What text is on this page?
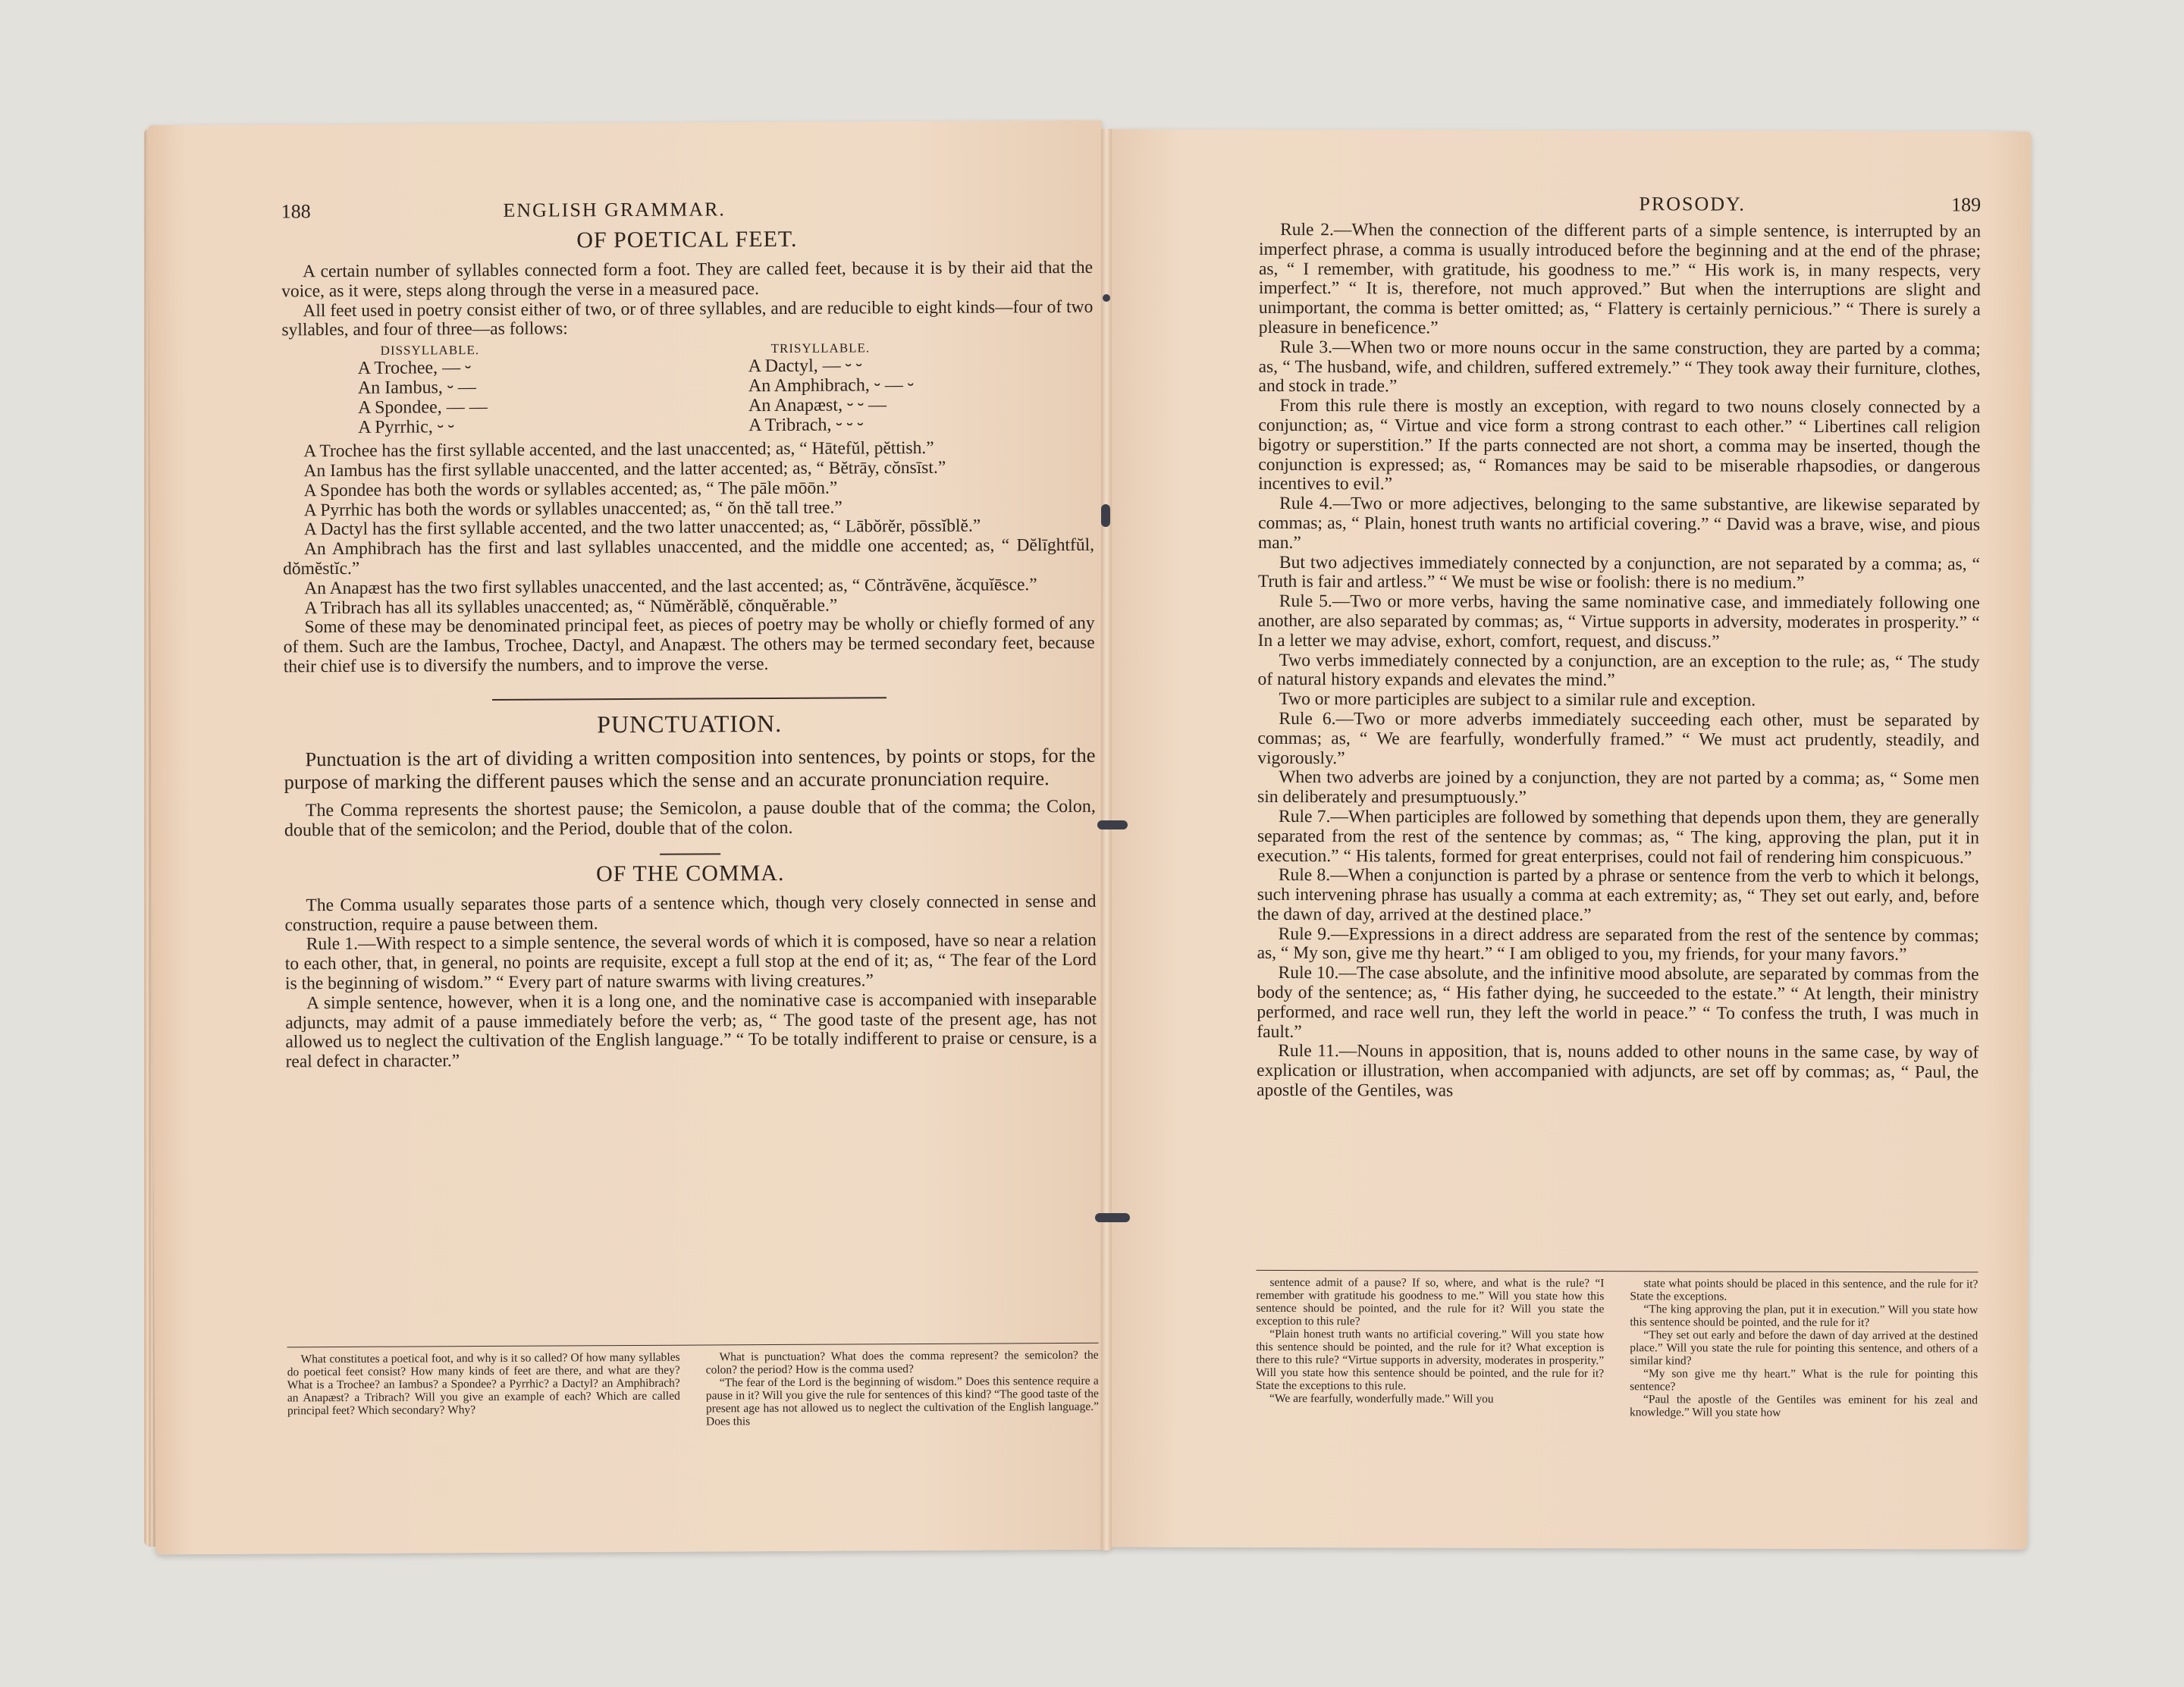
188	ENGLISH GRAMMAR.
OF POETICAL FEET.

A certain number of syllables connected form a foot. They are called feet, because it is by their aid that the voice, as it were, steps along through the verse in a measured pace.

All feet used in poetry consist either of two, or of three syllables, and are reducible to eight kinds—four of two syllables, and four of three—as follows:

DISSYLLABLE.
A Trochee, — ⏑
An Iambus, ⏑ —
A Spondee, — —
A Pyrrhic, ⏑ ⏑
TRISYLLABLE.
A Dactyl, — ⏑ ⏑
An Amphibrach, ⏑ — ⏑
An Anapæst, ⏑ ⏑ —
A Tribrach, ⏑ ⏑ ⏑

A Trochee has the first syllable accented, and the last unaccented; as, “ Hātefŭl, pĕttish.”

An Iambus has the first syllable unaccented, and the latter accented; as, “ Bĕtrāy, cŏnsīst.”

A Spondee has both the words or syllables accented; as, “ The pāle mōōn.”

A Pyrrhic has both the words or syllables unaccented; as, “ ŏn thĕ tall tree.”

A Dactyl has the first syllable accented, and the two latter unaccented; as, “ Lābŏrĕr, pōssĭblĕ.”

An Amphibrach has the first and last syllables unaccented, and the middle one accented; as, “ Dĕlīghtfŭl, dŏmĕstĭc.”

An Anapæst has the two first syllables unaccented, and the last accented; as, “ Cŏntrăvēne, ăcquĭēsce.”

A Tribrach has all its syllables unaccented; as, “ Nŭmĕrăblĕ, cŏnquĕrable.”

Some of these may be denominated principal feet, as pieces of poetry may be wholly or chiefly formed of any of them. Such are the Iambus, Trochee, Dactyl, and Anapæst. The others may be termed secondary feet, because their chief use is to diversify the numbers, and to improve the verse.

PUNCTUATION.

Punctuation is the art of dividing a written composition into sentences, by points or stops, for the purpose of marking the different pauses which the sense and an accurate pronunciation require.

The Comma represents the shortest pause; the Semicolon, a pause double that of the comma; the Colon, double that of the semicolon; and the Period, double that of the colon.

OF THE COMMA.

The Comma usually separates those parts of a sentence which, though very closely connected in sense and construction, require a pause between them.

Rule 1.—With respect to a simple sentence, the several words of which it is composed, have so near a relation to each other, that, in general, no points are requisite, except a full stop at the end of it; as, “ The fear of the Lord is the beginning of wisdom.” “ Every part of nature swarms with living creatures.”

A simple sentence, however, when it is a long one, and the nominative case is accompanied with inseparable adjuncts, may admit of a pause immediately before the verb; as, “ The good taste of the present age, has not allowed us to neglect the cultivation of the English language.” “ To be totally indifferent to praise or censure, is a real defect in character.”

What constitutes a poetical foot, and why is it so called? Of how many syllables do poetical feet consist? How many kinds of feet are there, and what are they? What is a Trochee? an Iambus? a Spondee? a Pyrrhic? a Dactyl? an Amphibrach? an Anapæst? a Tribrach? Will you give an example of each? Which are called principal feet? Which secondary? Why?

What is punctuation? What does the comma represent? the semicolon? the colon? the period? How is the comma used?

“The fear of the Lord is the beginning of wisdom.” Does this sentence require a pause in it? Will you give the rule for sentences of this kind? “The good taste of the present age has not allowed us to neglect the cultivation of the English language.” Does this

PROSODY.	189

Rule 2.—When the connection of the different parts of a simple sentence, is interrupted by an imperfect phrase, a comma is usually introduced before the beginning and at the end of the phrase; as, “ I remember, with gratitude, his goodness to me.” “ His work is, in many respects, very imperfect.” “ It is, therefore, not much approved.” But when the interruptions are slight and unimportant, the comma is better omitted; as, “ Flattery is certainly pernicious.” “ There is surely a pleasure in beneficence.”

Rule 3.—When two or more nouns occur in the same construction, they are parted by a comma; as, “ The husband, wife, and children, suffered extremely.” “ They took away their furniture, clothes, and stock in trade.”

From this rule there is mostly an exception, with regard to two nouns closely connected by a conjunction; as, “ Virtue and vice form a strong contrast to each other.” “ Libertines call religion bigotry or superstition.” If the parts connected are not short, a comma may be inserted, though the conjunction is expressed; as, “ Romances may be said to be miserable rhapsodies, or dangerous incentives to evil.”

Rule 4.—Two or more adjectives, belonging to the same substantive, are likewise separated by commas; as, “ Plain, honest truth wants no artificial covering.” “ David was a brave, wise, and pious man.”

But two adjectives immediately connected by a conjunction, are not separated by a comma; as, “ Truth is fair and artless.” “ We must be wise or foolish: there is no medium.”

Rule 5.—Two or more verbs, having the same nominative case, and immediately following one another, are also separated by commas; as, “ Virtue supports in adversity, moderates in prosperity.” “ In a letter we may advise, exhort, comfort, request, and discuss.”

Two verbs immediately connected by a conjunction, are an exception to the rule; as, “ The study of natural history expands and elevates the mind.”

Two or more participles are subject to a similar rule and exception.

Rule 6.—Two or more adverbs immediately succeeding each other, must be separated by commas; as, “ We are fearfully, wonderfully framed.” “ We must act prudently, steadily, and vigorously.”

When two adverbs are joined by a conjunction, they are not parted by a comma; as, “ Some men sin deliberately and presumptuously.”

Rule 7.—When participles are followed by something that depends upon them, they are generally separated from the rest of the sentence by commas; as, “ The king, approving the plan, put it in execution.” “ His talents, formed for great enterprises, could not fail of rendering him conspicuous.”

Rule 8.—When a conjunction is parted by a phrase or sentence from the verb to which it belongs, such intervening phrase has usually a comma at each extremity; as, “ They set out early, and, before the dawn of day, arrived at the destined place.”

Rule 9.—Expressions in a direct address are separated from the rest of the sentence by commas; as, “ My son, give me thy heart.” “ I am obliged to you, my friends, for your many favors.”

Rule 10.—The case absolute, and the infinitive mood absolute, are separated by commas from the body of the sentence; as, “ His father dying, he succeeded to the estate.” “ At length, their ministry performed, and race well run, they left the world in peace.” “ To confess the truth, I was much in fault.”

Rule 11.—Nouns in apposition, that is, nouns added to other nouns in the same case, by way of explication or illustration, when accompanied with adjuncts, are set off by commas; as, “ Paul, the apostle of the Gentiles, was

sentence admit of a pause? If so, where, and what is the rule? “I remember with gratitude his goodness to me.” Will you state how this sentence should be pointed, and the rule for it? Will you state the exception to this rule?

“Plain honest truth wants no artificial covering.” Will you state how this sentence should be pointed, and the rule for it? What exception is there to this rule? “Virtue supports in adversity, moderates in prosperity.” Will you state how this sentence should be pointed, and the rule for it? State the exceptions to this rule.

“We are fearfully, wonderfully made.” Will you

state what points should be placed in this sentence, and the rule for it? State the exceptions.

“The king approving the plan, put it in execution.” Will you state how this sentence should be pointed, and the rule for it?

“They set out early and before the dawn of day arrived at the destined place.” Will you state the rule for pointing this sentence, and others of a similar kind?

“My son give me thy heart.” What is the rule for pointing this sentence?

“Paul the apostle of the Gentiles was eminent for his zeal and knowledge.” Will you state how
